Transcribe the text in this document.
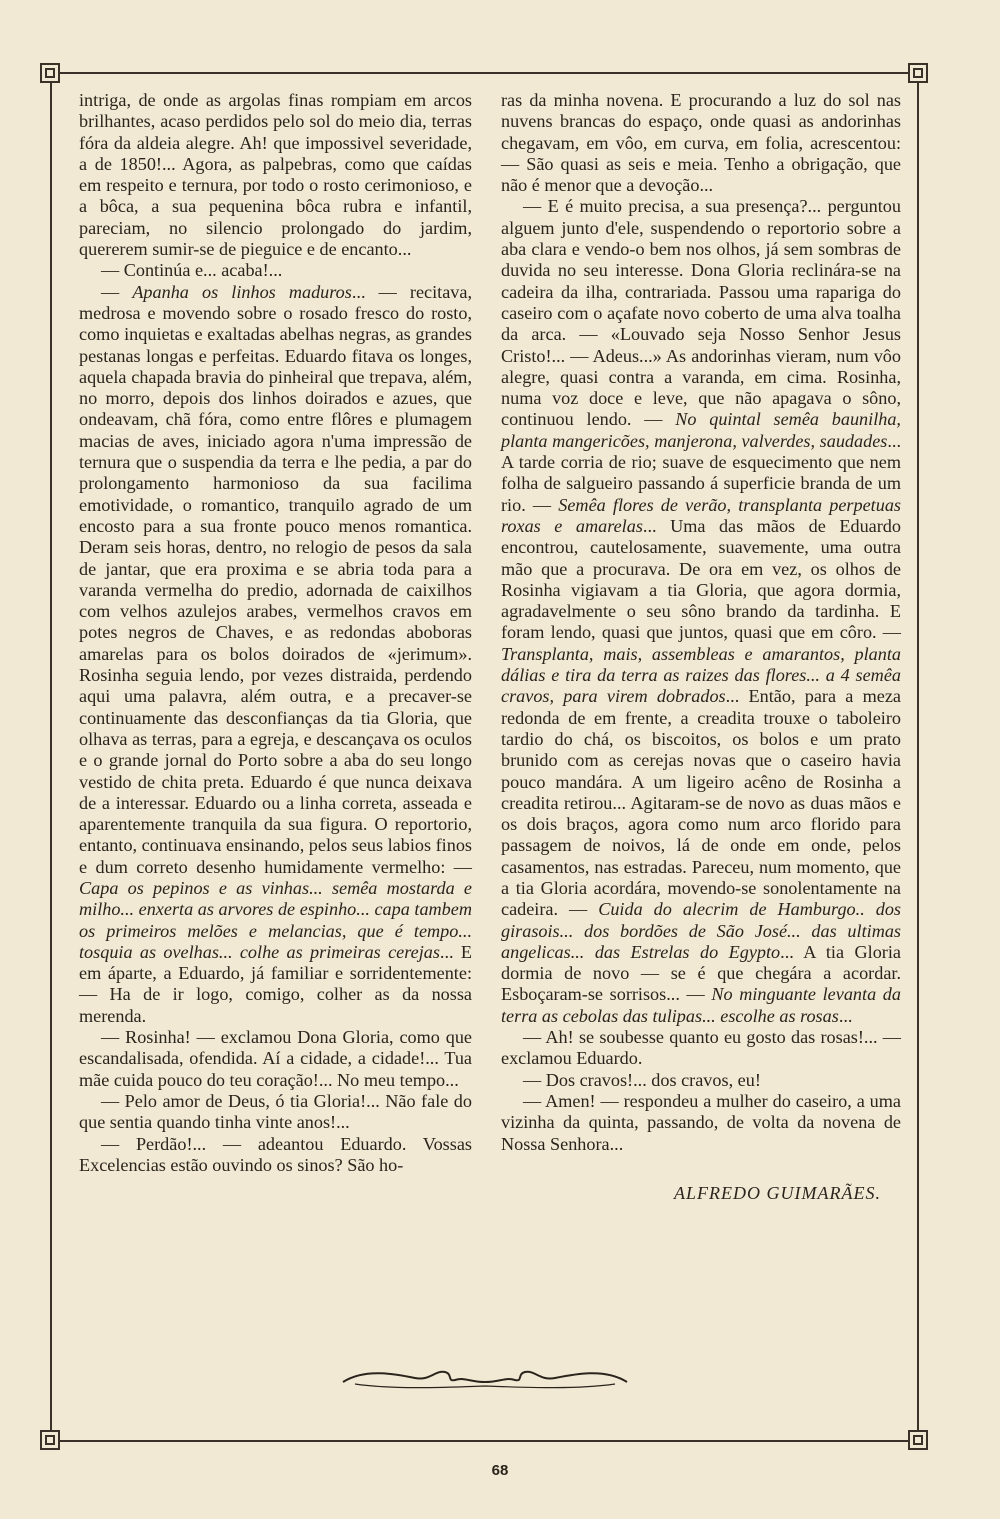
intriga, de onde as argolas finas rompiam em arcos brilhantes, acaso perdidos pelo sol do meio dia, terras fóra da aldeia alegre. Ah! que impossivel severidade, a de 1850!... Agora, as palpebras, como que caídas em respeito e ternura, por todo o rosto cerimonioso, e a bôca, a sua pequenina bôca rubra e infantil, pareciam, no silencio prolongado do jardim, quererem sumir-se de pieguice e de encanto...

— Continúa e... acaba!...

— Apanha os linhos maduros... — recitava, medrosa e movendo sobre o rosado fresco do rosto, como inquietas e exaltadas abelhas negras, as grandes pestanas longas e perfeitas. Eduardo fitava os longes, aquela chapada bravia do pinheiral que trepava, além, no morro, depois dos linhos doirados e azues, que ondeavam, chã fóra, como entre flôres e plumagem macias de aves, iniciado agora n'uma impressão de ternura que o suspendia da terra e lhe pedia, a par do prolongamento harmonioso da sua facilima emotividade, o romantico, tranquilo agrado de um encosto para a sua fronte pouco menos romantica. Deram seis horas, dentro, no relogio de pesos da sala de jantar, que era proxima e se abria toda para a varanda vermelha do predio, adornada de caixilhos com velhos azulejos arabes, vermelhos cravos em potes negros de Chaves, e as redondas aboboras amarelas para os bolos doirados de «jerimum». Rosinha seguia lendo, por vezes distraida, perdendo aqui uma palavra, além outra, e a precaver-se continuamente das desconfianças da tia Gloria, que olhava as terras, para a egreja, e descançava os oculos e o grande jornal do Porto sobre a aba do seu longo vestido de chita preta. Eduardo é que nunca deixava de a interessar. Eduardo ou a linha correta, asseada e aparentemente tranquila da sua figura. O reportorio, entanto, continuava ensinando, pelos seus labios finos e dum correto desenho humidamente vermelho: — Capa os pepinos e as vinhas... semêa mostarda e milho... enxerta as arvores de espinho... capa tambem os primeiros melões e melancias, que é tempo... tosquia as ovelhas... colhe as primeiras cerejas... E em áparte, a Eduardo, já familiar e sorridentemente: — Ha de ir logo, comigo, colher as da nossa merenda.

— Rosinha! — exclamou Dona Gloria, como que escandalisada, ofendida. Aí a cidade, a cidade!... Tua mãe cuida pouco do teu coração!... No meu tempo...

— Pelo amor de Deus, ó tia Gloria!... Não fale do que sentia quando tinha vinte anos!...

— Perdão!... — adeantou Eduardo. Vossas Excelencias estão ouvindo os sinos? São ho-

ras da minha novena. E procurando a luz do sol nas nuvens brancas do espaço, onde quasi as andorinhas chegavam, em vôo, em curva, em folia, acrescentou: — São quasi as seis e meia. Tenho a obrigação, que não é menor que a devoção...

— E é muito precisa, a sua presença?... perguntou alguem junto d'ele, suspendendo o reportorio sobre a aba clara e vendo-o bem nos olhos, já sem sombras de duvida no seu interesse. Dona Gloria reclinára-se na cadeira da ilha, contrariada. Passou uma rapariga do caseiro com o açafate novo coberto de uma alva toalha da arca. — «Louvado seja Nosso Senhor Jesus Cristo!... — Adeus...» As andorinhas vieram, num vôo alegre, quasi contra a varanda, em cima. Rosinha, numa voz doce e leve, que não apagava o sôno, continuou lendo. — No quintal semêa baunilha, planta mangericões, manjerona, valverdes, saudades... A tarde corria de rio; suave de esquecimento que nem folha de salgueiro passando á superficie branda de um rio. — Semêa flores de verão, transplanta perpetuas roxas e amarelas... Uma das mãos de Eduardo encontrou, cautelosamente, suavemente, uma outra mão que a procurava. De ora em vez, os olhos de Rosinha vigiavam a tia Gloria, que agora dormia, agradavelmente o seu sôno brando da tardinha. E foram lendo, quasi que juntos, quasi que em côro. — Transplanta, mais, assembleas e amarantos, planta dálias e tira da terra as raizes das flores... a 4 semêa cravos, para virem dobrados... Então, para a meza redonda de em frente, a creadita trouxe o taboleiro tardio do chá, os biscoitos, os bolos e um prato brunido com as cerejas novas que o caseiro havia pouco mandára. A um ligeiro acêno de Rosinha a creadita retirou... Agitaram-se de novo as duas mãos e os dois braços, agora como num arco florido para passagem de noivos, lá de onde em onde, pelos casamentos, nas estradas. Pareceu, num momento, que a tia Gloria acordára, movendo-se sonolentamente na cadeira. — Cuida do alecrim de Hamburgo.. dos girasois... dos bordões de São José... das ultimas angelicas... das Estrelas do Egypto... A tia Gloria dormia de novo — se é que chegára a acordar. Esboçaram-se sorrisos... — No minguante levanta da terra as cebolas das tulipas... escolhe as rosas...

— Ah! se soubesse quanto eu gosto das rosas!... — exclamou Eduardo.

— Dos cravos!... dos cravos, eu!

— Amen! — respondeu a mulher do caseiro, a uma vizinha da quinta, passando, de volta da novena de Nossa Senhora...

ALFREDO GUIMARÃES.
68
